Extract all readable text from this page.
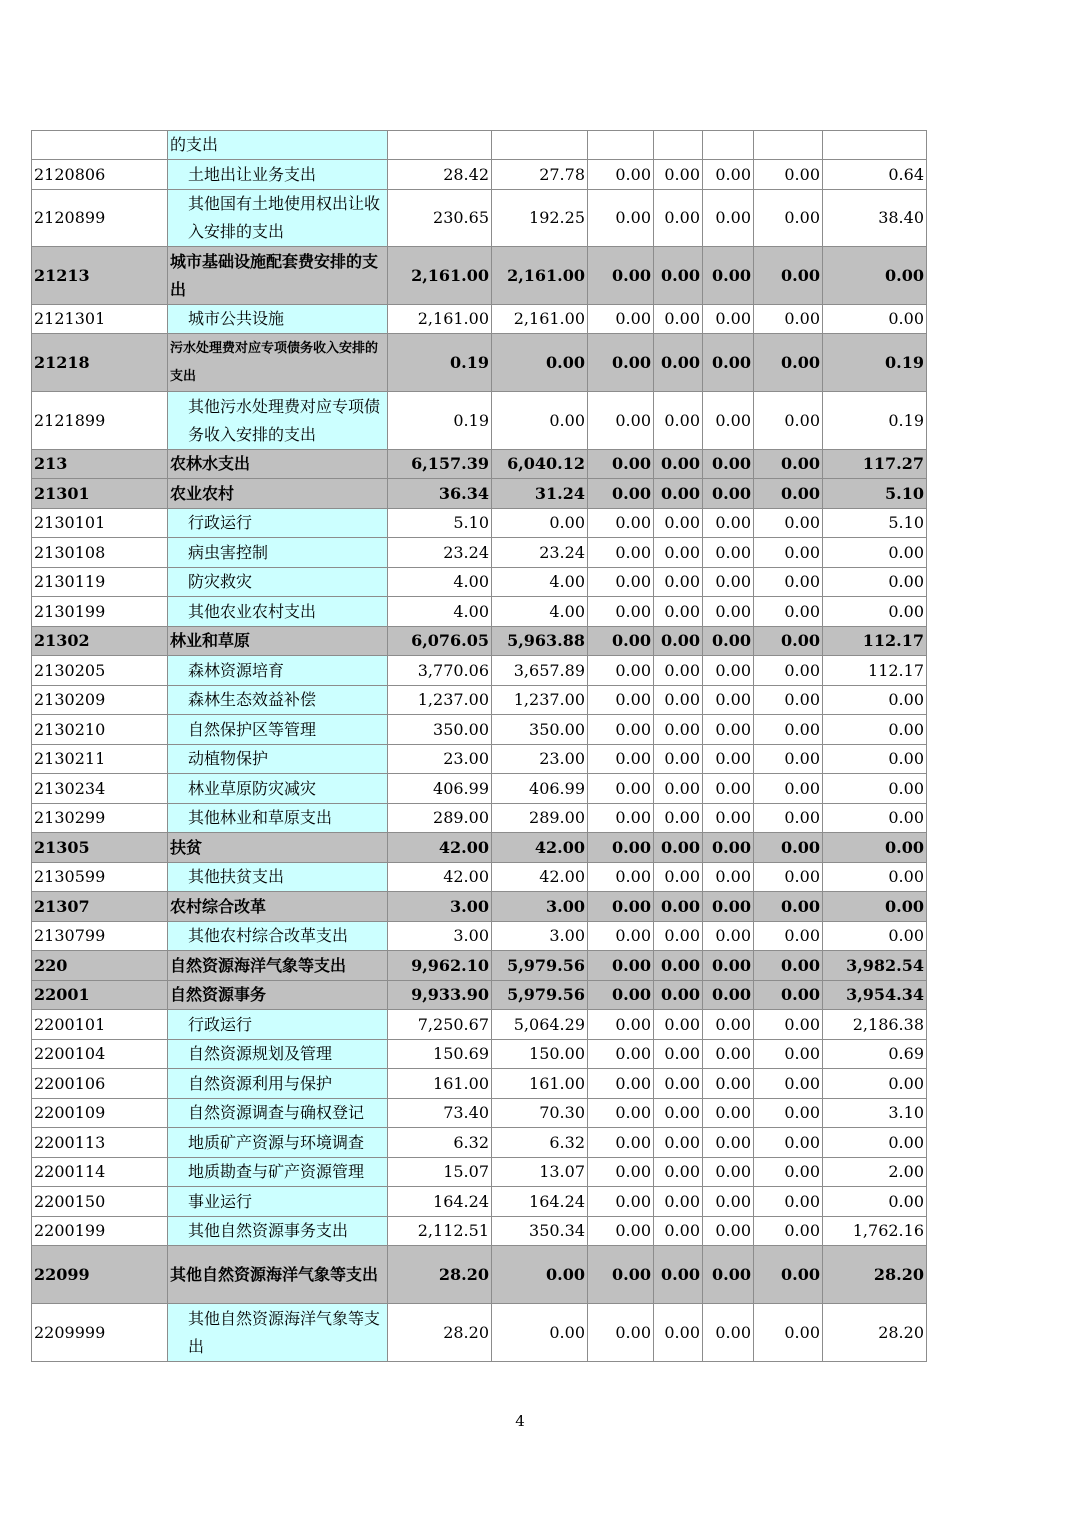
	的支出							
2120806	土地出让业务支出	28.42	27.78	0.00	0.00	0.00	0.00	0.64
2120899	其他国有土地使用权出让收入安排的支出	230.65	192.25	0.00	0.00	0.00	0.00	38.40
21213	城市基础设施配套费安排的支出	2,161.00	2,161.00	0.00	0.00	0.00	0.00	0.00
2121301	城市公共设施	2,161.00	2,161.00	0.00	0.00	0.00	0.00	0.00
21218	污水处理费对应专项债务收入安排的支出	0.19	0.00	0.00	0.00	0.00	0.00	0.19
2121899	其他污水处理费对应专项债务收入安排的支出	0.19	0.00	0.00	0.00	0.00	0.00	0.19
213	农林水支出	6,157.39	6,040.12	0.00	0.00	0.00	0.00	117.27
21301	农业农村	36.34	31.24	0.00	0.00	0.00	0.00	5.10
2130101	行政运行	5.10	0.00	0.00	0.00	0.00	0.00	5.10
2130108	病虫害控制	23.24	23.24	0.00	0.00	0.00	0.00	0.00
2130119	防灾救灾	4.00	4.00	0.00	0.00	0.00	0.00	0.00
2130199	其他农业农村支出	4.00	4.00	0.00	0.00	0.00	0.00	0.00
21302	林业和草原	6,076.05	5,963.88	0.00	0.00	0.00	0.00	112.17
2130205	森林资源培育	3,770.06	3,657.89	0.00	0.00	0.00	0.00	112.17
2130209	森林生态效益补偿	1,237.00	1,237.00	0.00	0.00	0.00	0.00	0.00
2130210	自然保护区等管理	350.00	350.00	0.00	0.00	0.00	0.00	0.00
2130211	动植物保护	23.00	23.00	0.00	0.00	0.00	0.00	0.00
2130234	林业草原防灾减灾	406.99	406.99	0.00	0.00	0.00	0.00	0.00
2130299	其他林业和草原支出	289.00	289.00	0.00	0.00	0.00	0.00	0.00
21305	扶贫	42.00	42.00	0.00	0.00	0.00	0.00	0.00
2130599	其他扶贫支出	42.00	42.00	0.00	0.00	0.00	0.00	0.00
21307	农村综合改革	3.00	3.00	0.00	0.00	0.00	0.00	0.00
2130799	其他农村综合改革支出	3.00	3.00	0.00	0.00	0.00	0.00	0.00
220	自然资源海洋气象等支出	9,962.10	5,979.56	0.00	0.00	0.00	0.00	3,982.54
22001	自然资源事务	9,933.90	5,979.56	0.00	0.00	0.00	0.00	3,954.34
2200101	行政运行	7,250.67	5,064.29	0.00	0.00	0.00	0.00	2,186.38
2200104	自然资源规划及管理	150.69	150.00	0.00	0.00	0.00	0.00	0.69
2200106	自然资源利用与保护	161.00	161.00	0.00	0.00	0.00	0.00	0.00
2200109	自然资源调查与确权登记	73.40	70.30	0.00	0.00	0.00	0.00	3.10
2200113	地质矿产资源与环境调查	6.32	6.32	0.00	0.00	0.00	0.00	0.00
2200114	地质勘查与矿产资源管理	15.07	13.07	0.00	0.00	0.00	0.00	2.00
2200150	事业运行	164.24	164.24	0.00	0.00	0.00	0.00	0.00
2200199	其他自然资源事务支出	2,112.51	350.34	0.00	0.00	0.00	0.00	1,762.16
22099	其他自然资源海洋气象等支出	28.20	0.00	0.00	0.00	0.00	0.00	28.20
2209999	其他自然资源海洋气象等支出	28.20	0.00	0.00	0.00	0.00	0.00	28.20
4
